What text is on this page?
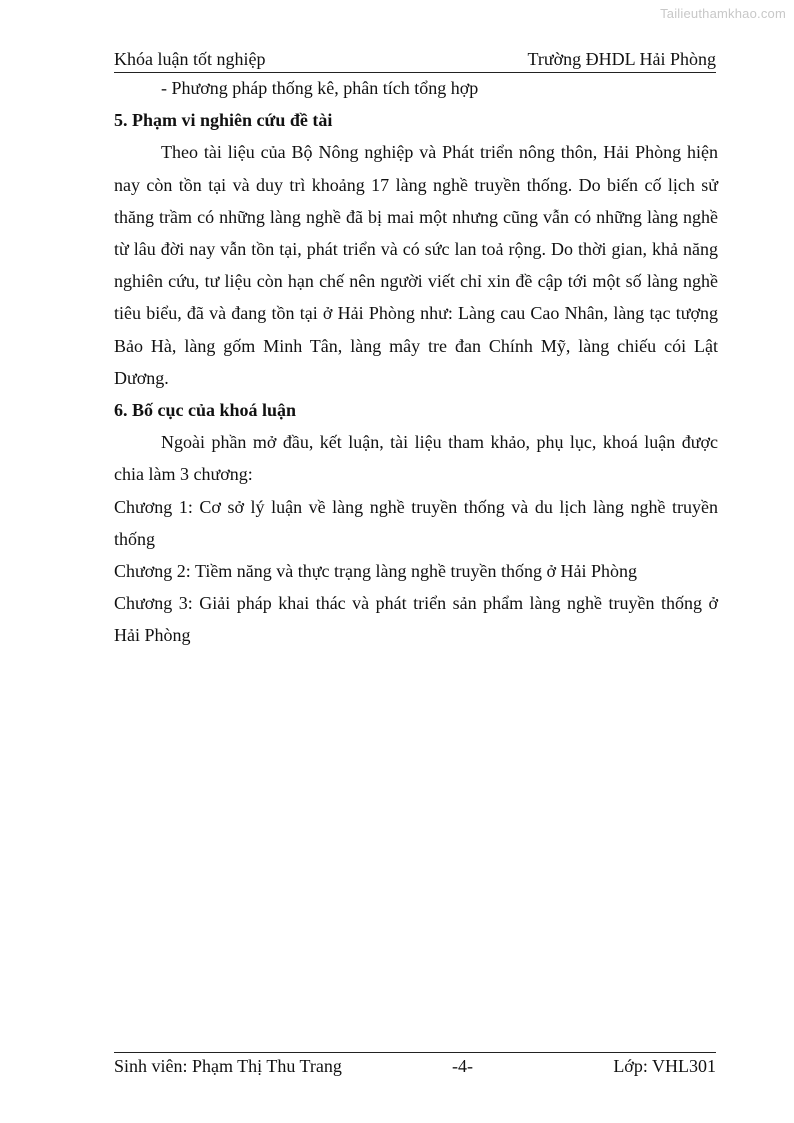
Tailieuthamkhao.com
Khóa luận tốt nghiệp	Trường ĐHDL Hải Phòng

- Phương pháp thống kê, phân tích tổng hợp

5. Phạm vi nghiên cứu đề tài

Theo tài liệu của Bộ Nông nghiệp và Phát triển nông thôn, Hải Phòng hiện nay còn tồn tại và duy trì khoảng 17 làng nghề truyền thống. Do biến cố lịch sử thăng trầm có những làng nghề đã bị mai một nhưng cũng vẫn có những làng nghề từ lâu đời nay vẫn tồn tại, phát triển và có sức lan toả rộng. Do thời gian, khả năng nghiên cứu, tư liệu còn hạn chế nên người viết chỉ xin đề cập tới một số làng nghề tiêu biểu, đã và đang tồn tại ở Hải Phòng như: Làng cau Cao Nhân, làng tạc tượng Bảo Hà, làng gốm Minh Tân, làng mây tre đan Chính Mỹ, làng chiếu cói Lật Dương.

6. Bố cục của khoá luận

Ngoài phần mở đầu, kết luận, tài liệu tham khảo, phụ lục, khoá luận được chia làm 3 chương:

Chương 1: Cơ sở lý luận về làng nghề truyền thống và du lịch làng nghề truyền thống

Chương 2: Tiềm năng và thực trạng làng nghề truyền thống ở Hải Phòng

Chương 3: Giải pháp khai thác và phát triển sản phẩm làng nghề truyền thống ở Hải Phòng

Sinh viên: Phạm Thị Thu Trang	-4-	Lớp: VHL301
